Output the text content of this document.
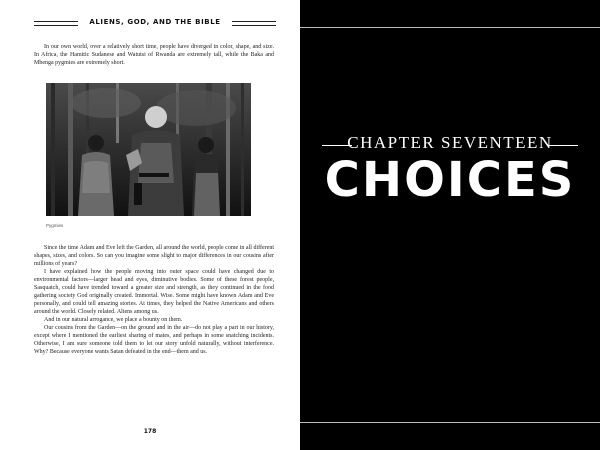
ALIENS, GOD, AND THE BIBLE

In our own world, over a relatively short time, people have diverged in color, shape, and size. In Africa, the Hamitic Sudanese and Watutsi of Rwanda are extremely tall, while the Baka and Mbenga pygmies are extremely short.

Pygmies

Since the time Adam and Eve left the Garden, all around the world, people come in all different shapes, sizes, and colors. So can you imagine some slight to major differences in our cousins after millions of years?

I have explained how the people moving into outer space could have changed due to environmental factors—larger head and eyes, diminutive bodies. Some of these forest people, Sasquatch, could have trended toward a greater size and strength, as they continued in the food gathering society God originally created. Immortal. Wise. Some might have known Adam and Eve personally, and could tell amazing stories. At times, they helped the Native Americans and others around the world. Closely related. Aliens among us.

And in our natural arrogance, we place a bounty on them.

Our cousins from the Garden—on the ground and in the air—do not play a part in our history, except where I mentioned the earliest sharing of mates, and perhaps in some snatching incidents. Otherwise, I am sure someone told them to let our story unfold naturally, without interference. Why? Because everyone wants Satan defeated in the end—them and us.

178
CHAPTER SEVENTEEN
CHOICES
